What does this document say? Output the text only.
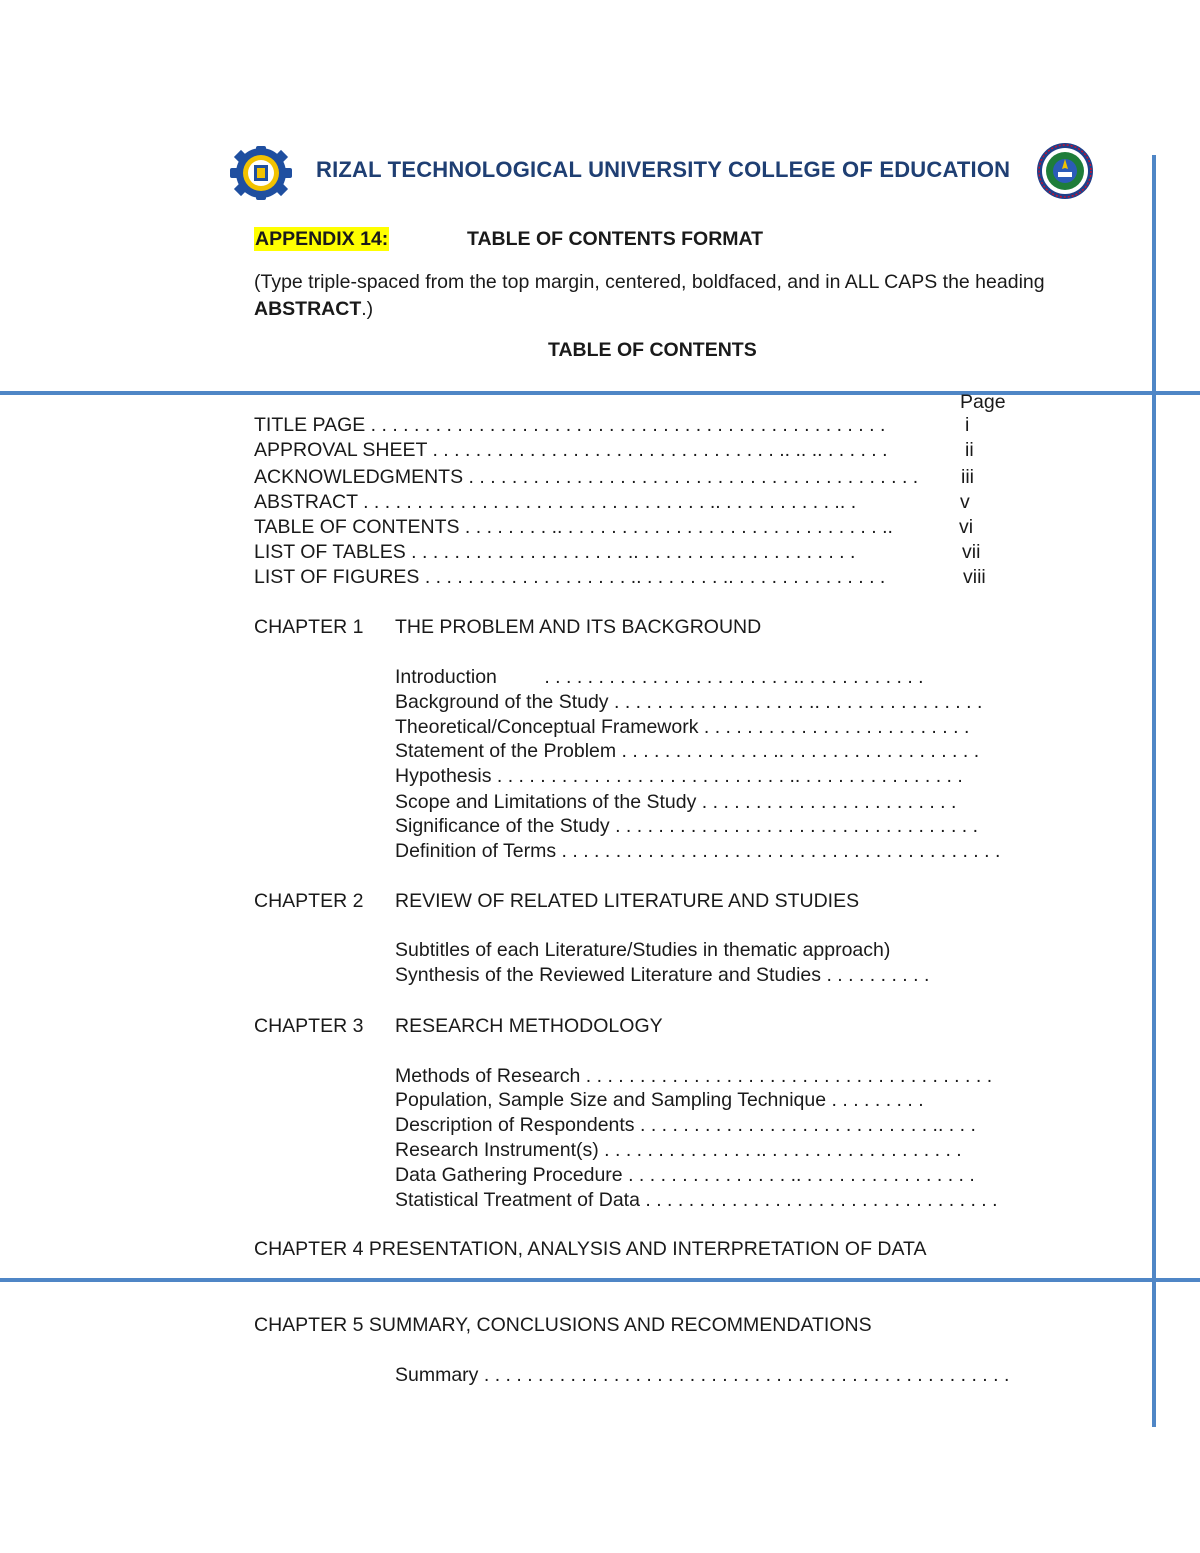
RIZAL TECHNOLOGICAL UNIVERSITY COLLEGE OF EDUCATION
APPENDIX 14:	TABLE OF CONTENTS FORMAT
(Type triple-spaced from the top margin, centered, boldfaced, and in ALL CAPS the heading ABSTRACT.)
TABLE OF CONTENTS
Page
TITLE PAGE . . . . . . . . . . . . . . . . . . . . . . . . . . . . . . . . . . . . . . . . . . . . . . . .	i
APPROVAL SHEET . . . . . . . . . . . . . . . . . . . . . . . . . . . . . . . . .. .. .. . . . . . .	ii
ACKNOWLEDGMENTS . . . . . . . . . . . . . . . . . . . . . . . . . . . . . . . . . . . . . . . . . . iii
ABSTRACT . . . . . . . . . . . . . . . . . . . . . . . . . . . . . . . . .. . . . . . . . . . . .. .	v
TABLE OF CONTENTS . . . . . . . . .. . . . . . . . . . . . . . . . . . . . . . . . . . . . . . ..	vi
LIST OF TABLES . . . . . . . . . . . . . . . . . . . . .. . . . . . . . . . . . . . . . . . . . .	vii
LIST OF FIGURES . . . . . . . . . . . . . . . . . . . .. . . . . . . . .. . . . . . . . . . . . . . .	viii
CHAPTER 1 THE PROBLEM AND ITS BACKGROUND
Introduction . . . . . . . . . . . . . . . . . . . . . . . .. . . . . . . . . . . .
Background of the Study . . . . . . . . . . . . . . . . . . .. . . . . . . . . . . . . . . .
Theoretical/Conceptual Framework . . . . . . . . . . . . . . . . . . . . . . . . .
Statement of the Problem . . . . . . . . . . . . . . .. . . . . . . . . . . . . . . . . . .
Hypothesis . . . . . . . . . . . . . . . . . . . . . . . . . . . .. . . . . . . . . . . . . . . .
Scope and Limitations of the Study . . . . . . . . . . . . . . . . . . . . . . . .
Significance of the Study . . . . . . . . . . . . . . . . . . . . . . . . . . . . . . . . . .
Definition of Terms . . . . . . . . . . . . . . . . . . . . . . . . . . . . . . . . . . . . . . . . .
CHAPTER 2 REVIEW OF RELATED LITERATURE AND STUDIES
Subtitles of each Literature/Studies in thematic approach)
Synthesis of the Reviewed Literature and Studies . . . . . . . . . .
CHAPTER 3 RESEARCH METHODOLOGY
Methods of Research . . . . . . . . . . . . . . . . . . . . . . . . . . . . . . . . . . . . . .
Population, Sample Size and Sampling Technique . . . . . . . . .
Description of Respondents . . . . . . . . . . . . . . . . . . . . . . . . . . . .. . . .
Research Instrument(s) . . . . . . . . . . . . . . .. . . . . . . . . . . . . . . . . . .
Data Gathering Procedure . . . . . . . . . . . . . . . .. . . . . . . . . . . . . . . . .
Statistical Treatment of Data . . . . . . . . . . . . . . . . . . . . . . . . . . . . . . . . .
CHAPTER 4 PRESENTATION, ANALYSIS AND INTERPRETATION OF DATA
CHAPTER 5 SUMMARY, CONCLUSIONS AND RECOMMENDATIONS
Summary . . . . . . . . . . . . . . . . . . . . . . . . . . . . . . . . . . . . . . . . . . . . . . . . .
